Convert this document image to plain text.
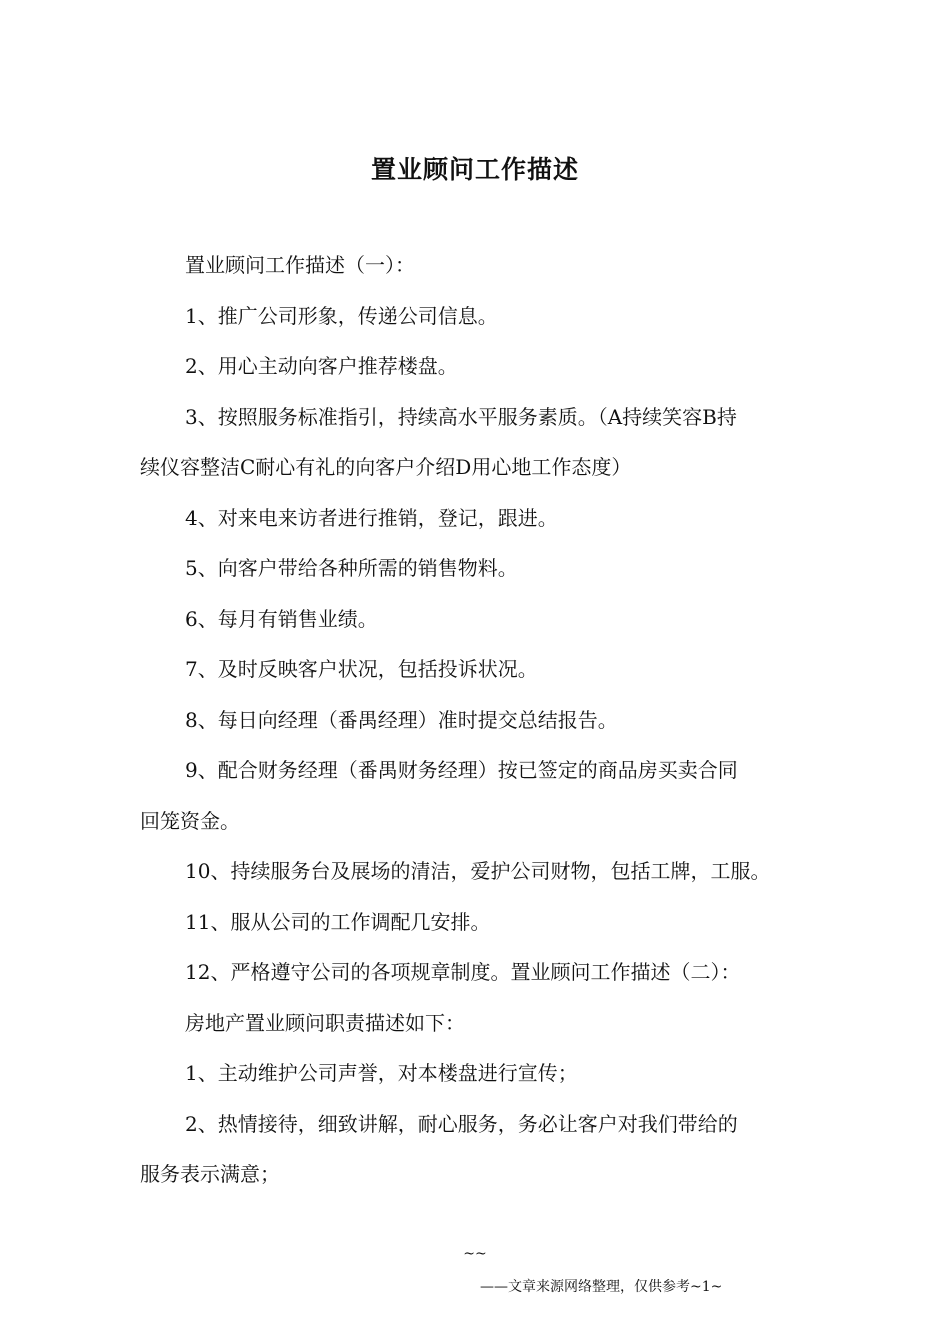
置业顾问工作描述

置业顾问工作描述（一）：

1、推广公司形象，传递公司信息。

2、用心主动向客户推荐楼盘。

3、按照服务标准指引，持续高水平服务素质。（A持续笑容B持

续仪容整洁C耐心有礼的向客户介绍D用心地工作态度）

4、对来电来访者进行推销，登记，跟进。

5、向客户带给各种所需的销售物料。

6、每月有销售业绩。

7、及时反映客户状况，包括投诉状况。

8、每日向经理（番禺经理）准时提交总结报告。

9、配合财务经理（番禺财务经理）按已签定的商品房买卖合同

回笼资金。

10、持续服务台及展场的清洁，爱护公司财物，包括工牌，工服。

11、服从公司的工作调配几安排。

12、严格遵守公司的各项规章制度。置业顾问工作描述（二）：

房地产置业顾问职责描述如下：

1、主动维护公司声誉，对本楼盘进行宣传；

2、热情接待，细致讲解，耐心服务，务必让客户对我们带给的

服务表示满意；

~~
——文章来源网络整理，仅供参考~1~
